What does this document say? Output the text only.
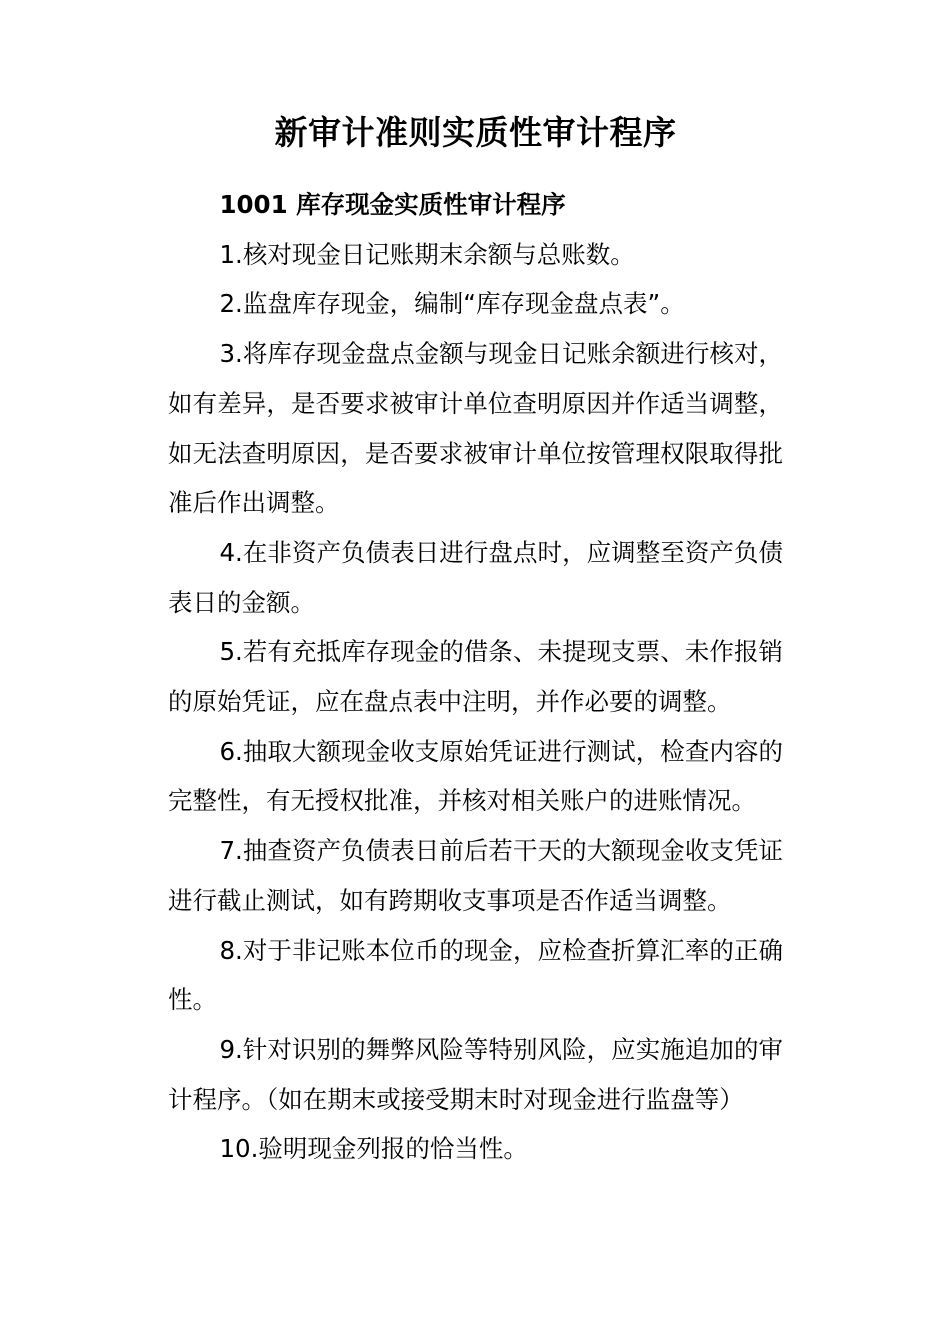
新审计准则实质性审计程序

1001 库存现金实质性审计程序

1.核对现金日记账期末余额与总账数。

2.监盘库存现金，编制“库存现金盘点表”。

3.将库存现金盘点金额与现金日记账余额进行核对，如有差异，是否要求被审计单位查明原因并作适当调整，如无法查明原因，是否要求被审计单位按管理权限取得批准后作出调整。

4.在非资产负债表日进行盘点时，应调整至资产负债表日的金额。

5.若有充抵库存现金的借条、未提现支票、未作报销的原始凭证，应在盘点表中注明，并作必要的调整。

6.抽取大额现金收支原始凭证进行测试，检查内容的完整性，有无授权批准，并核对相关账户的进账情况。

7.抽查资产负债表日前后若干天的大额现金收支凭证进行截止测试，如有跨期收支事项是否作适当调整。

8.对于非记账本位币的现金，应检查折算汇率的正确性。

9.针对识别的舞弊风险等特别风险，应实施追加的审计程序。（如在期末或接受期末时对现金进行监盘等）

10.验明现金列报的恰当性。
